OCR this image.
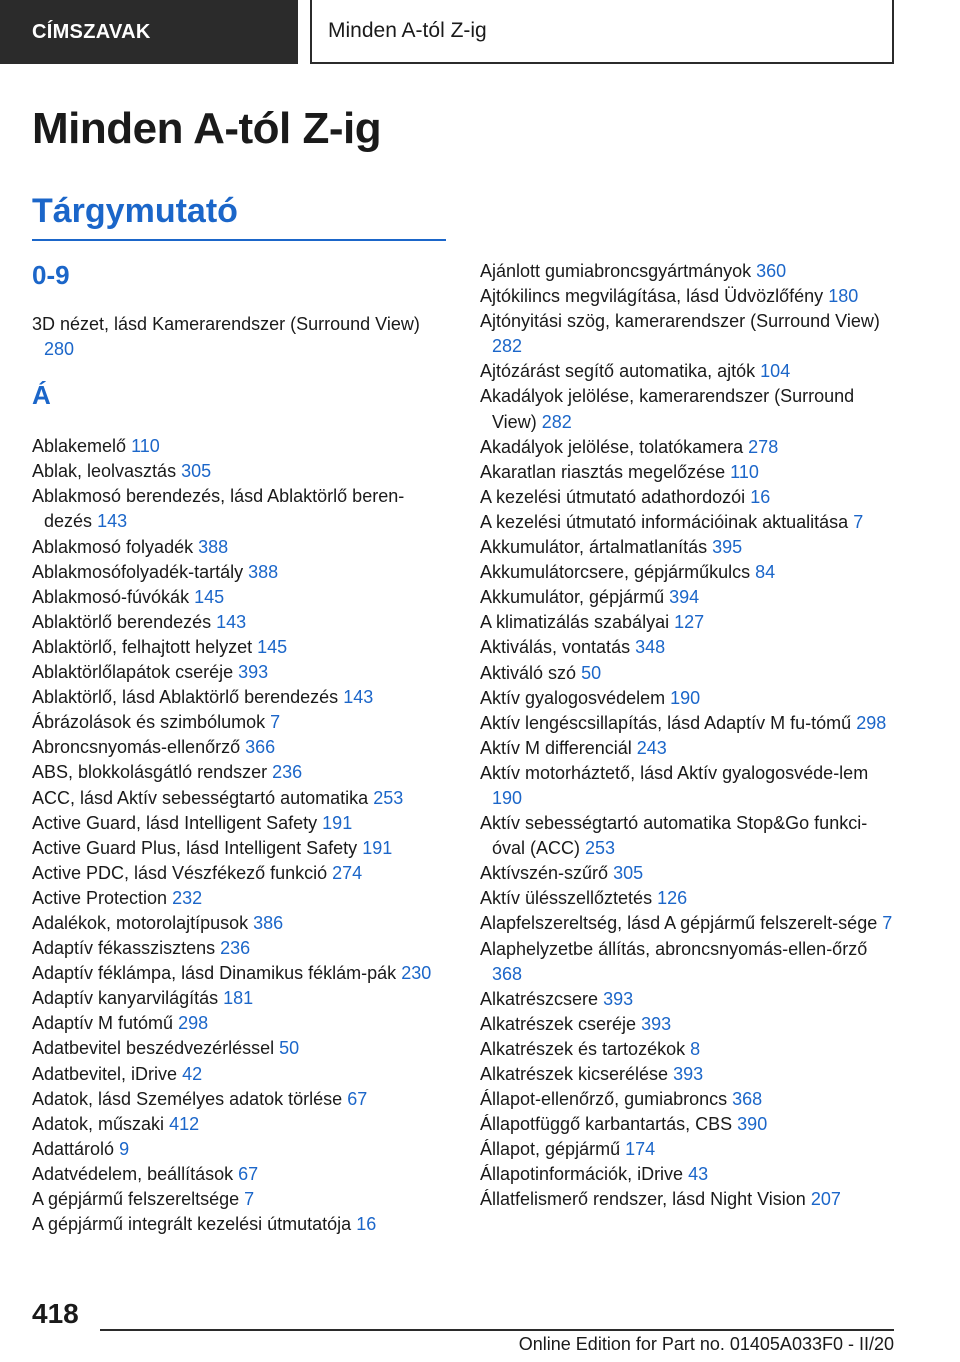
CÍMSZAVAK	Minden A-tól Z-ig
Minden A-tól Z-ig
Tárgymutató
0-9

3D nézet, lásd Kamerarendszer (Surround View) 280

Á

Ablakemelő 110

Ablak, leolvasztás 305

Ablakmosó berendezés, lásd Ablaktörlő beren-dezés 143

Ablakmosó folyadék 388

Ablakmosófolyadék-tartály 388

Ablakmosó-fúvókák 145

Ablaktörlő berendezés 143

Ablaktörlő, felhajtott helyzet 145

Ablaktörlőlapátok cseréje 393

Ablaktörlő, lásd Ablaktörlő berendezés 143

Ábrázolások és szimbólumok 7

Abroncsnyomás-ellenőrző 366

ABS, blokkolásgátló rendszer 236

ACC, lásd Aktív sebességtartó automatika 253

Active Guard, lásd Intelligent Safety 191

Active Guard Plus, lásd Intelligent Safety 191

Active PDC, lásd Vészfékező funkció 274

Active Protection 232

Adalékok, motorolajtípusok 386

Adaptív fékasszisztens 236

Adaptív féklámpa, lásd Dinamikus féklám-pák 230

Adaptív kanyarvilágítás 181

Adaptív M futómű 298

Adatbevitel beszédvezérléssel 50

Adatbevitel, iDrive 42

Adatok, lásd Személyes adatok törlése 67

Adatok, műszaki 412

Adattároló 9

Adatvédelem, beállítások 67

A gépjármű felszereltsége 7

A gépjármű integrált kezelési útmutatója 16

Ajánlott gumiabroncsgyártmányok 360

Ajtókilincs megvilágítása, lásd Üdvözlőfény 180

Ajtónyitási szög, kamerarendszer (Surround View) 282

Ajtózárást segítő automatika, ajtók 104

Akadályok jelölése, kamerarendszer (Surround View) 282

Akadályok jelölése, tolatókamera 278

Akaratlan riasztás megelőzése 110

A kezelési útmutató adathordozói 16

A kezelési útmutató információinak aktualitása 7

Akkumulátor, ártalmatlanítás 395

Akkumulátorcsere, gépjárműkulcs 84

Akkumulátor, gépjármű 394

A klimatizálás szabályai 127

Aktiválás, vontatás 348

Aktiváló szó 50

Aktív gyalogosvédelem 190

Aktív lengéscsillapítás, lásd Adaptív M fu-tómű 298

Aktív M differenciál 243

Aktív motorháztető, lásd Aktív gyalogosvéde-lem 190

Aktív sebességtartó automatika Stop&Go funkci-óval (ACC) 253

Aktívszén-szűrő 305

Aktív ülésszellőztetés 126

Alapfelszereltség, lásd A gépjármű felszerelt-sége 7

Alaphelyzetbe állítás, abroncsnyomás-ellen-őrző 368

Alkatrészcsere 393

Alkatrészek cseréje 393

Alkatrészek és tartozékok 8

Alkatrészek kicserélése 393

Állapot-ellenőrző, gumiabroncs 368

Állapotfüggő karbantartás, CBS 390

Állapot, gépjármű 174

Állapotinformációk, iDrive 43

Állatfelismerő rendszer, lásd Night Vision 207

418
Online Edition for Part no. 01405A033F0 - II/20
